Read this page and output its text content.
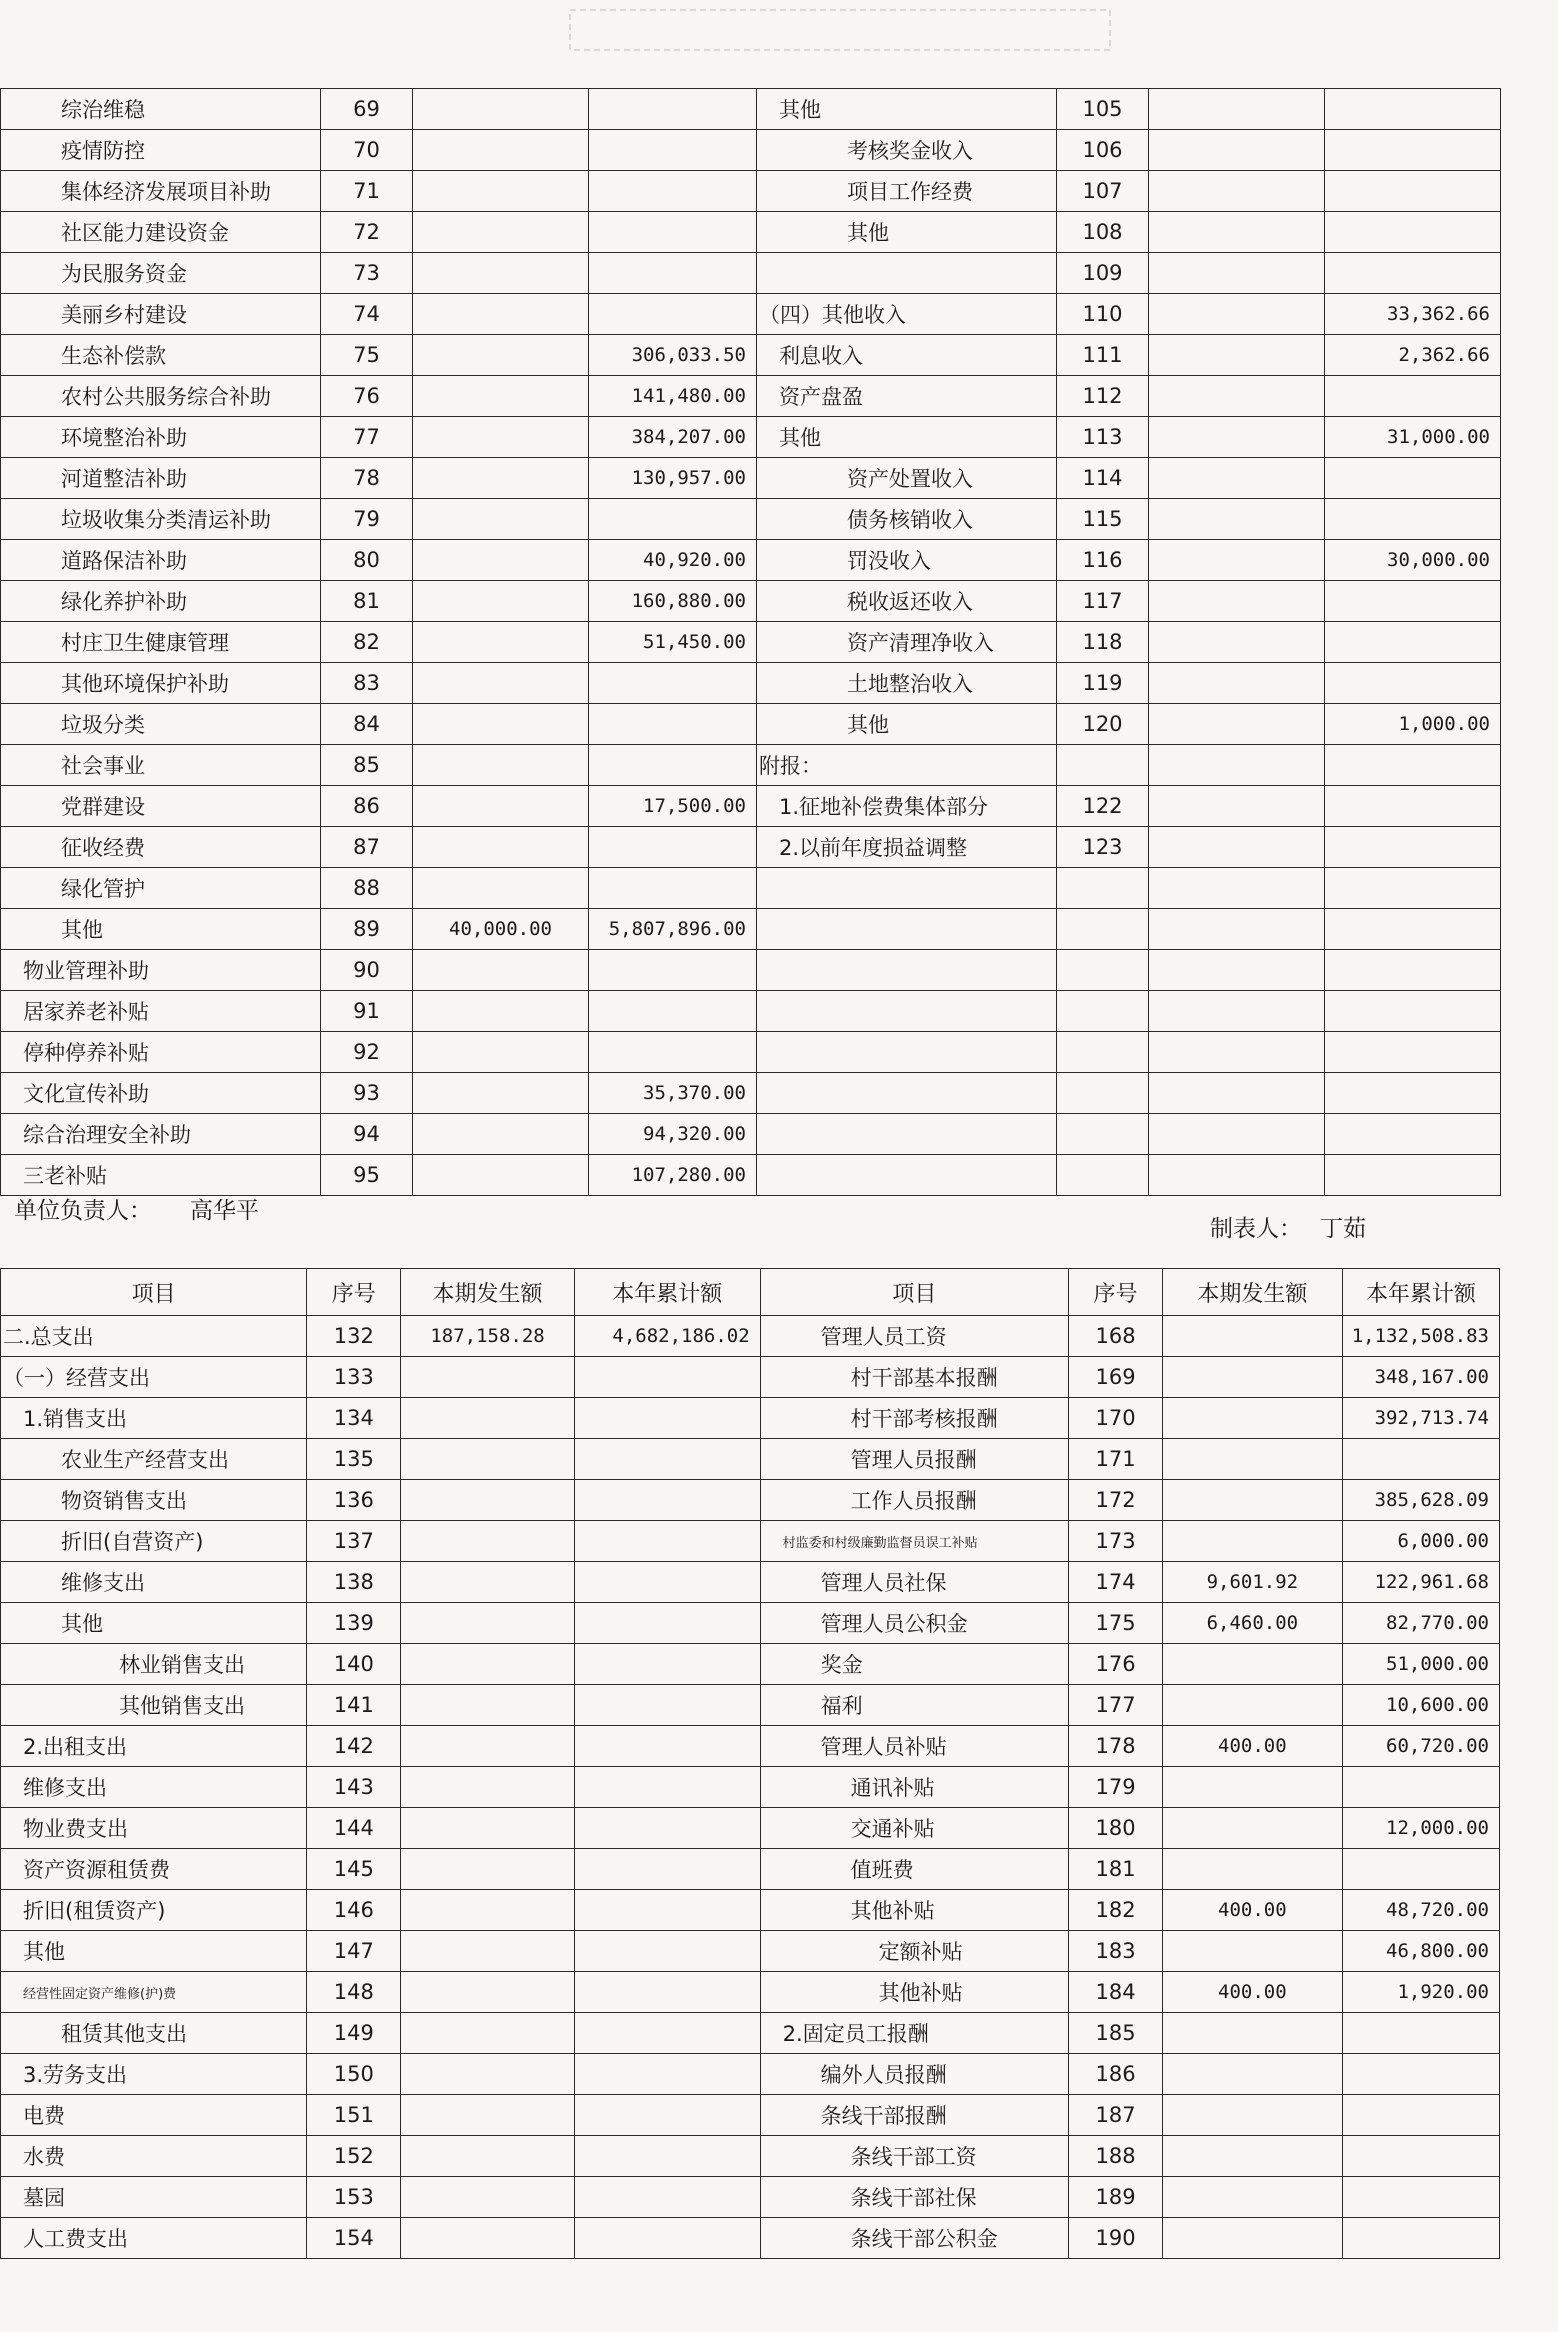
综治维稳	69			其他	105		
疫情防控	70			考核奖金收入	106		
集体经济发展项目补助	71			项目工作经费	107		
社区能力建设资金	72			其他	108		
为民服务资金	73				109		
美丽乡村建设	74			（四）其他收入	110		33,362.66
生态补偿款	75		306,033.50	利息收入	111		2,362.66
农村公共服务综合补助	76		141,480.00	资产盘盈	112		
环境整治补助	77		384,207.00	其他	113		31,000.00
河道整洁补助	78		130,957.00	资产处置收入	114		
垃圾收集分类清运补助	79			债务核销收入	115		
道路保洁补助	80		40,920.00	罚没收入	116		30,000.00
绿化养护补助	81		160,880.00	税收返还收入	117		
村庄卫生健康管理	82		51,450.00	资产清理净收入	118		
其他环境保护补助	83			土地整治收入	119		
垃圾分类	84			其他	120		1,000.00
社会事业	85			附报：			
党群建设	86		17,500.00	1.征地补偿费集体部分	122		
征收经费	87			2.以前年度损益调整	123		
绿化管护	88						
其他	89	40,000.00	5,807,896.00				
物业管理补助	90						
居家养老补贴	91						
停种停养补贴	92						
文化宣传补助	93		35,370.00				
综合治理安全补助	94		94,320.00				
三老补贴	95		107,280.00				
单位负责人： 高华平
制表人： 丁茹
项目	序号	本期发生额	本年累计额	项目	序号	本期发生额	本年累计额
二.总支出	132	187,158.28	4,682,186.02	管理人员工资	168		1,132,508.83
（一）经营支出	133			村干部基本报酬	169		348,167.00
1.销售支出	134			村干部考核报酬	170		392,713.74
农业生产经营支出	135			管理人员报酬	171		
物资销售支出	136			工作人员报酬	172		385,628.09
折旧(自营资产)	137			村监委和村级廉勤监督员误工补贴	173		6,000.00
维修支出	138			管理人员社保	174	9,601.92	122,961.68
其他	139			管理人员公积金	175	6,460.00	82,770.00
林业销售支出	140			奖金	176		51,000.00
其他销售支出	141			福利	177		10,600.00
2.出租支出	142			管理人员补贴	178	400.00	60,720.00
维修支出	143			通讯补贴	179		
物业费支出	144			交通补贴	180		12,000.00
资产资源租赁费	145			值班费	181		
折旧(租赁资产)	146			其他补贴	182	400.00	48,720.00
其他	147			定额补贴	183		46,800.00
经营性固定资产维修(护)费	148			其他补贴	184	400.00	1,920.00
租赁其他支出	149			2.固定员工报酬	185		
3.劳务支出	150			编外人员报酬	186		
电费	151			条线干部报酬	187		
水费	152			条线干部工资	188		
墓园	153			条线干部社保	189		
人工费支出	154			条线干部公积金	190		
